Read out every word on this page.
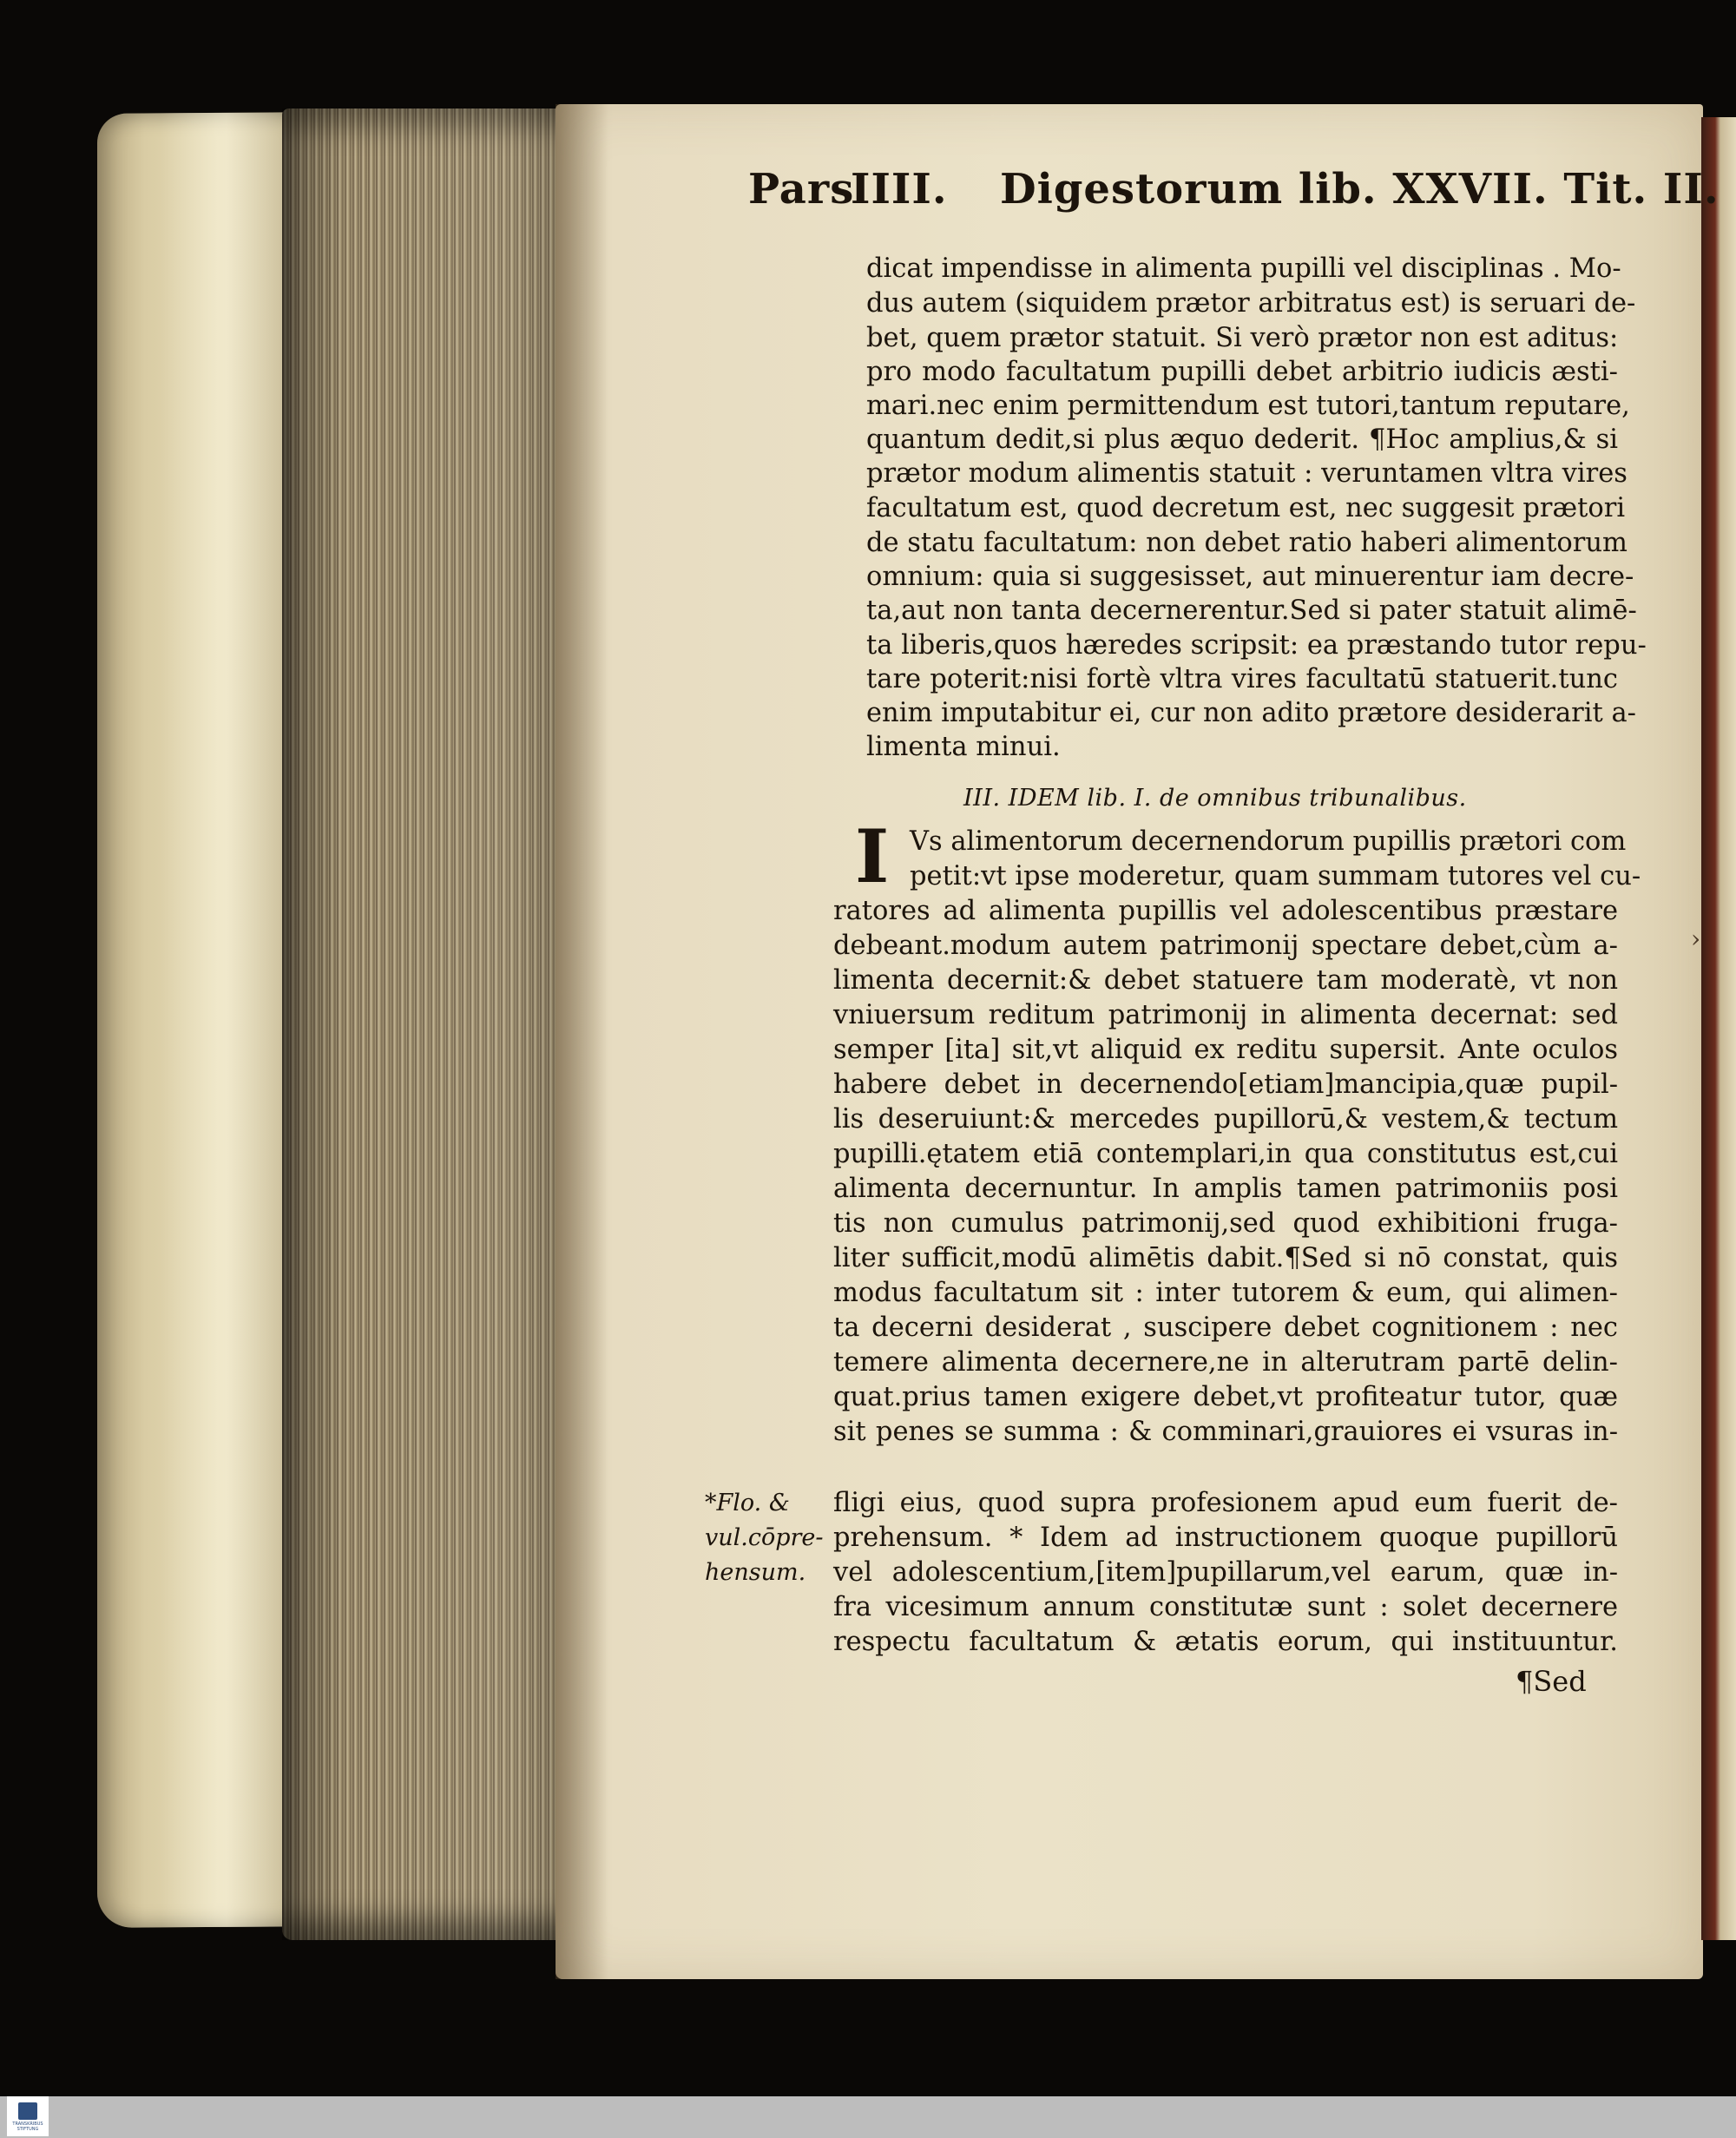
›
Pars
IIII. Digestorum lib. XXVII. Tit. II.
dicat impendisse in alimenta pupilli vel disciplinas . Mo-
dus autem (siquidem prætor arbitratus est) is seruari de-
bet, quem prætor statuit. Si verò prætor non est aditus:
pro modo facultatum pupilli debet arbitrio iudicis æsti-
mari.nec enim permittendum est tutori,tantum reputare,
quantum dedit,si plus æquo dederit. ¶Hoc amplius,& si
prætor modum alimentis statuit : veruntamen vltra vires
facultatum est, quod decretum est, nec suggesit prætori
de statu facultatum: non debet ratio haberi alimentorum
omnium: quia si suggesisset, aut minuerentur iam decre-
ta,aut non tanta decernerentur.Sed si pater statuit alimē-
ta liberis,quos hæredes scripsit: ea præstando tutor repu-
tare poterit:nisi fortè vltra vires facultatū statuerit.tunc
enim imputabitur ei, cur non adito prætore desiderarit a-
limenta minui.
III. IDEM lib. I. de omnibus tribunalibus.
I Vs alimentorum decernendorum pupillis prætori com
petit:vt ipse moderetur, quam summam tutores vel cu-
ratores ad alimenta pupillis vel adolescentibus præstare
debeant.modum autem patrimonij spectare debet,cùm a-
limenta decernit:& debet statuere tam moderatè, vt non
vniuersum reditum patrimonij in alimenta decernat: sed
semper [ita] sit,vt aliquid ex reditu supersit. Ante oculos
habere debet in decernendo[etiam]mancipia,quæ pupil-
lis deseruiunt:& mercedes pupillorū,& vestem,& tectum
pupilli.ętatem etiā contemplari,in qua constitutus est,cui
alimenta decernuntur. In amplis tamen patrimoniis posi
tis non cumulus patrimonij,sed quod exhibitioni fruga-
liter sufficit,modū alimētis dabit.¶Sed si nō constat, quis
modus facultatum sit : inter tutorem & eum, qui alimen-
ta decerni desiderat , suscipere debet cognitionem : nec
temere alimenta decernere,ne in alterutram partē delin-
quat.prius tamen exigere debet,vt profiteatur tutor, quæ
sit penes se summa : & comminari,grauiores ei vsuras in-
fligi eius, quod supra profesionem apud eum fuerit de-
prehensum. * Idem ad instructionem quoque pupillorū
vel adolescentium,[item]pupillarum,vel earum, quæ in-
fra vicesimum annum constitutæ sunt : solet decernere
respectu facultatum & ætatis eorum, qui instituuntur.
*Flo. &
vul.cōpre-
hensum.
¶Sed
TRANSKRIBUS STIFTUNG
